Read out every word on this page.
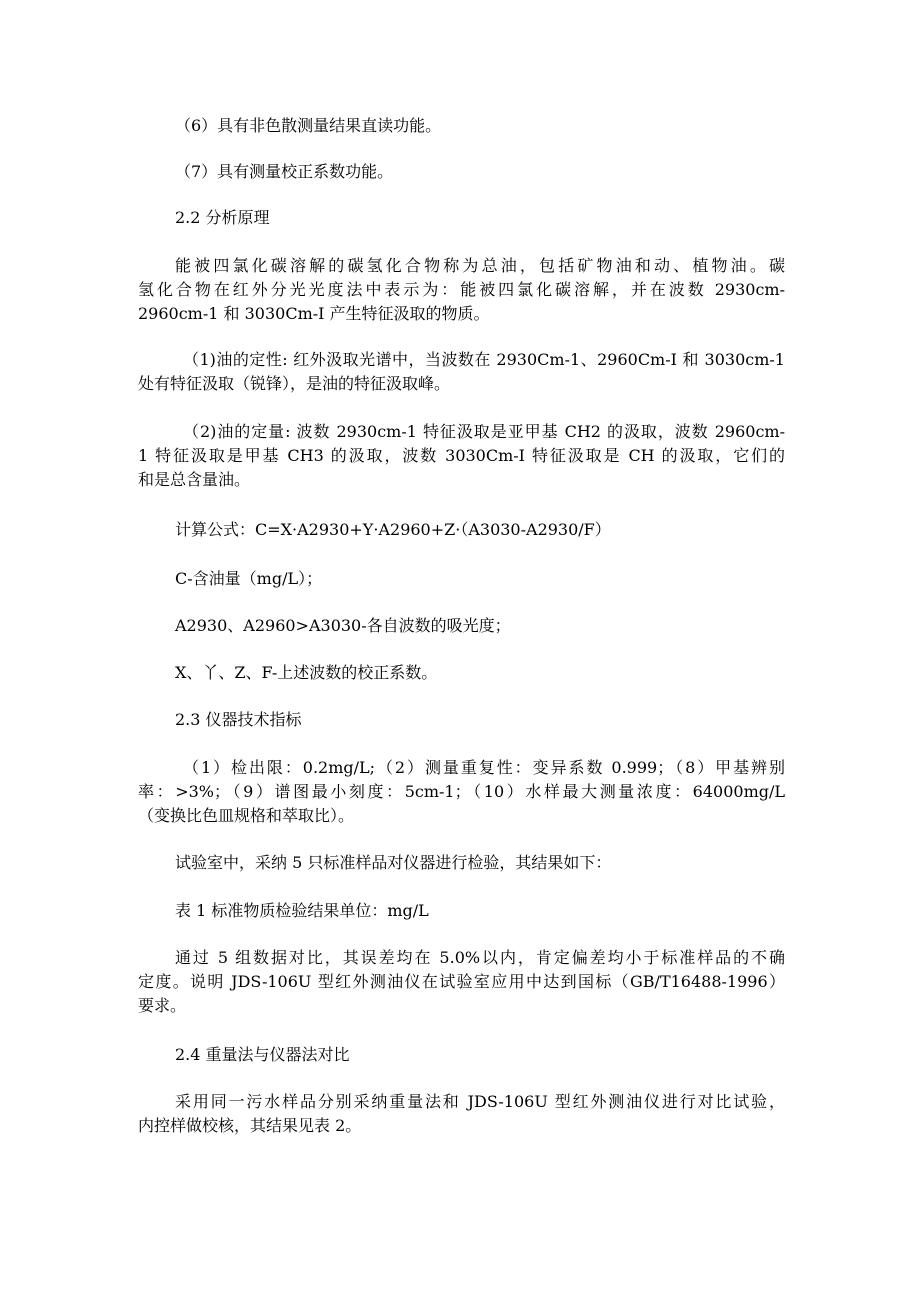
（6）具有非色散测量结果直读功能。

（7）具有测量校正系数功能。

2.2 分析原理

能被四氯化碳溶解的碳氢化合物称为总油，包括矿物油和动、植物油。碳
氢化合物在红外分光光度法中表示为：能被四氯化碳溶解，并在波数 2930cm-
2960cm-1 和 3030Cm-I 产生特征汲取的物质。
（1)油的定性: 红外汲取光谱中，当波数在 2930Cm-1、2960Cm-I 和 3030cm-1
处有特征汲取（锐锋），是油的特征汲取峰。
（2)油的定量: 波数 2930cm-1 特征汲取是亚甲基 CH2 的汲取，波数 2960cm-
1 特征汲取是甲基 CH3 的汲取，波数 3030Cm-I 特征汲取是 CH 的汲取，它们的
和是总含量油。

计算公式：C=X·A2930+Y·A2960+Z·（A3030-A2930/F）

C-含油量（mg/L）；

A2930、A2960>A3030-各自波数的吸光度；

X、丫、Z、F-上述波数的校正系数。

2.3 仪器技术指标

（1）检出限：0.2mg/L;（2）测量重复性：变异系数 0.999；（8）甲基辨别
率：>3%；（9）谱图最小刻度：5cm-1；（10）水样最大测量浓度：64000mg/L
（变换比色皿规格和萃取比）。

试验室中，采纳 5 只标准样品对仪器进行检验，其结果如下：

表 1 标准物质检验结果单位：mg/L

通过 5 组数据对比，其误差均在 5.0%以内，肯定偏差均小于标准样品的不确
定度。说明 JDS-106U 型红外测油仪在试验室应用中达到国标（GB/T16488-1996）
要求。

2.4 重量法与仪器法对比

采用同一污水样品分别采纳重量法和 JDS-106U 型红外测油仪进行对比试验，
内控样做校核，其结果见表 2。
